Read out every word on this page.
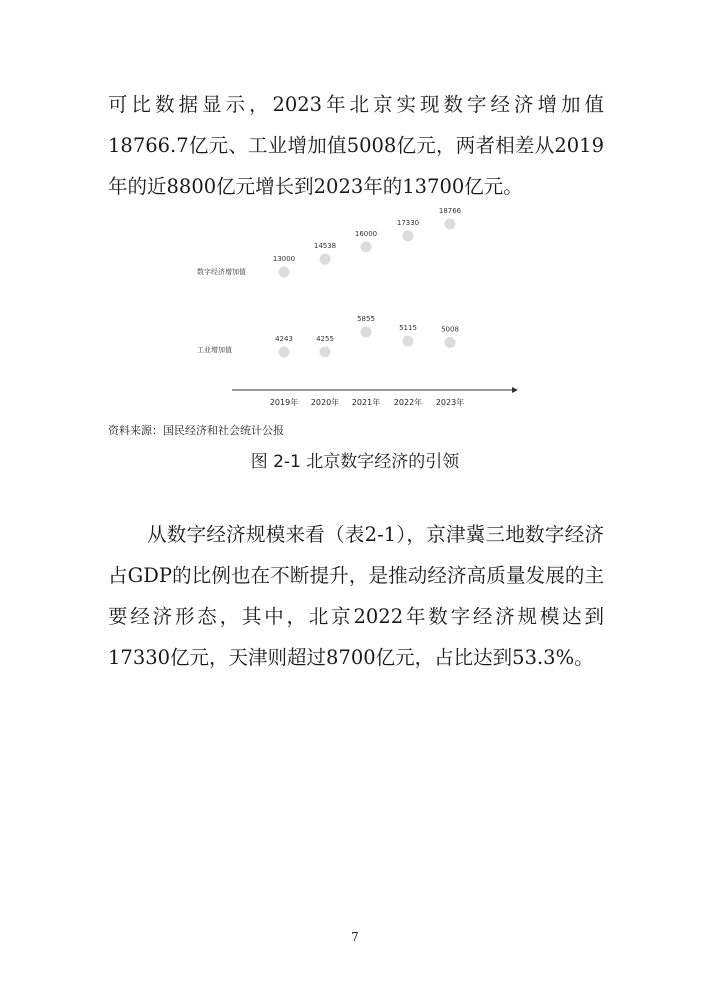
可比数据显示，2023年北京实现数字经济增加值18766.7亿元、工业增加值5008亿元，两者相差从2019年的近8800亿元增长到2023年的13700亿元。

2019年 2020年 2021年 2022年 2023年
数字经济增加值
13000
14538
16000
17330
18766
工业增加值
4243	4255
5855
5115	5008

资料来源：国民经济和社会统计公报

图 2-1 北京数字经济的引领

从数字经济规模来看（表2-1），京津冀三地数字经济占GDP的比例也在不断提升，是推动经济高质量发展的主要经济形态，其中，北京2022年数字经济规模达到17330亿元，天津则超过8700亿元，占比达到53.3%。

7
